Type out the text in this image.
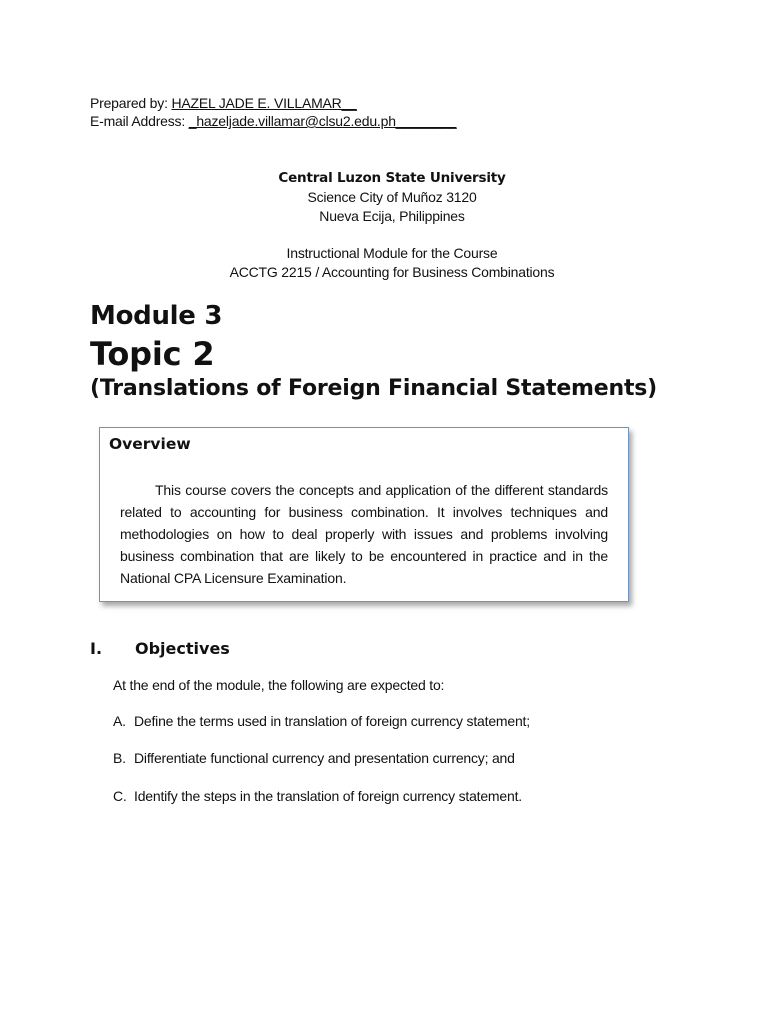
Prepared by: HAZEL JADE E. VILLAMAR__
E-mail Address: _hazeljade.villamar@clsu2.edu.ph________
Central Luzon State University
Science City of Muñoz 3120
Nueva Ecija, Philippines
Instructional Module for the Course
ACCTG 2215 / Accounting for Business Combinations
Module 3
Topic 2
(Translations of Foreign Financial Statements)
Overview
This course covers the concepts and application of the different standards related to accounting for business combination. It involves techniques and methodologies on how to deal properly with issues and problems involving business combination that are likely to be encountered in practice and in the National CPA Licensure Examination.
I. Objectives
At the end of the module, the following are expected to:
A. Define the terms used in translation of foreign currency statement;
B. Differentiate functional currency and presentation currency; and
C. Identify the steps in the translation of foreign currency statement.
